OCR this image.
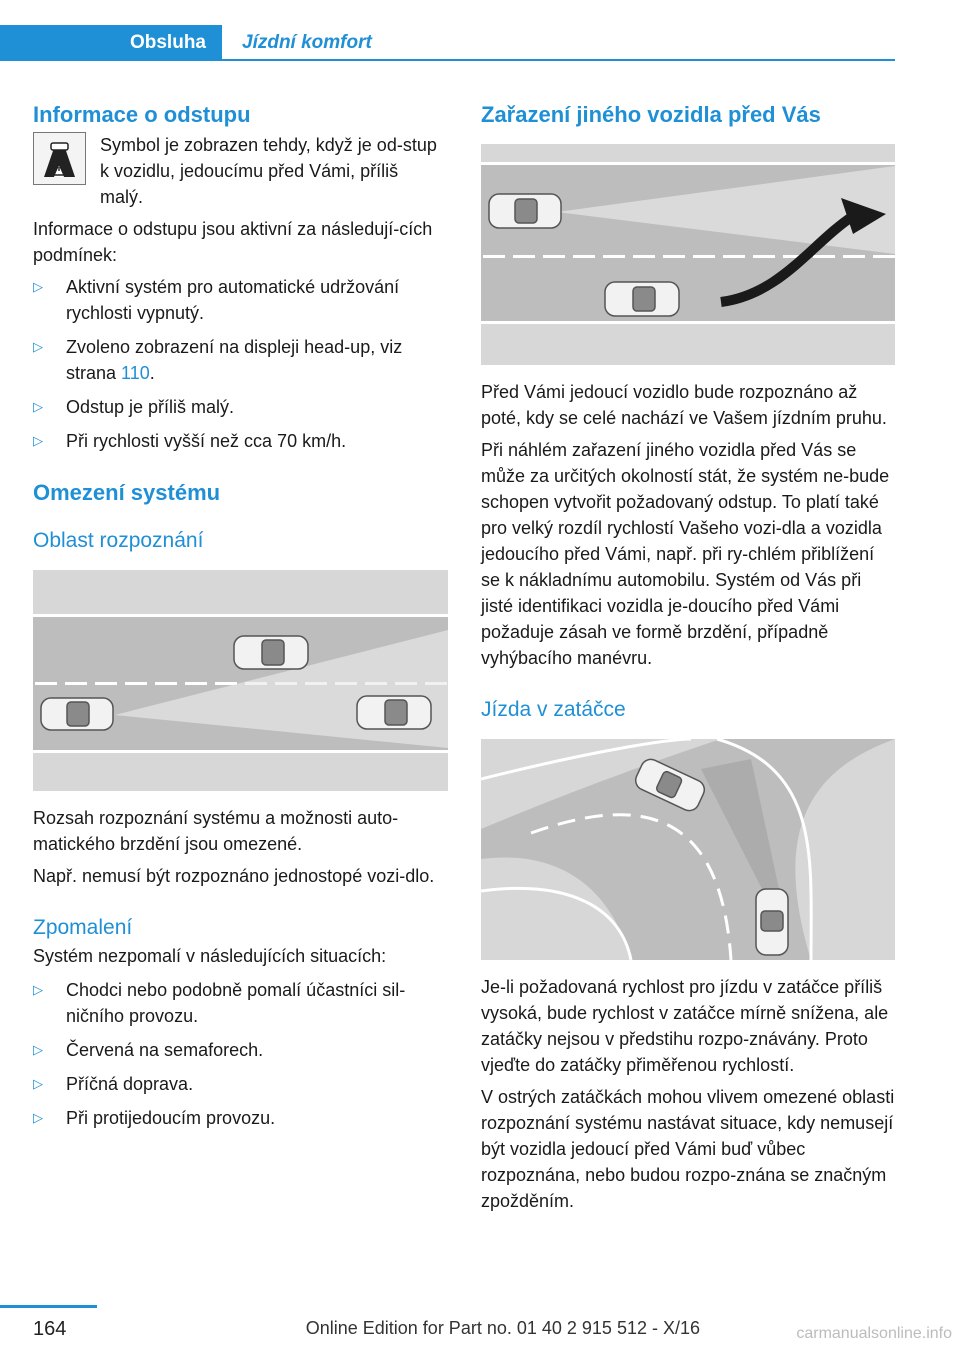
Obsluha	Jízdní komfort
Informace o odstupu

Symbol je zobrazen tehdy, když je od-stup k vozidlu, jedoucímu před Vámi, příliš malý.

Informace o odstupu jsou aktivní za následují-cích podmínek:

▷ Aktivní systém pro automatické udržování rychlosti vypnutý.
▷ Zvoleno zobrazení na displeji head-up, viz strana 110.
▷ Odstup je příliš malý.
▷ Při rychlosti vyšší než cca 70 km/h.
Omezení systému
Oblast rozpoznání

Rozsah rozpoznání systému a možnosti auto-matického brzdění jsou omezené.

Např. nemusí být rozpoznáno jednostopé vozi-dlo.

Zpomalení

Systém nezpomalí v následujících situacích:

▷ Chodci nebo podobně pomalí účastníci sil-ničního provozu.
▷ Červená na semaforech.
▷ Příčná doprava.
▷ Při protijedoucím provozu.
Zařazení jiného vozidla před Vás

Před Vámi jedoucí vozidlo bude rozpoznáno až poté, kdy se celé nachází ve Vašem jízdním pruhu.

Při náhlém zařazení jiného vozidla před Vás se může za určitých okolností stát, že systém ne-bude schopen vytvořit požadovaný odstup. To platí také pro velký rozdíl rychlostí Vašeho vozi-dla a vozidla jedoucího před Vámi, např. při ry-chlém přiblížení se k nákladnímu automobilu. Systém od Vás při jisté identifikaci vozidla je-doucího před Vámi požaduje zásah ve formě brzdění, případně vyhýbacího manévru.

Jízda v zatáčce

Je-li požadovaná rychlost pro jízdu v zatáčce příliš vysoká, bude rychlost v zatáčce mírně snížena, ale zatáčky nejsou v předstihu rozpo-znávány. Proto vjeďte do zatáčky přiměřenou rychlostí.

V ostrých zatáčkách mohou vlivem omezené oblasti rozpoznání systému nastávat situace, kdy nemusejí být vozidla jedoucí před Vámi buď vůbec rozpoznána, nebo budou rozpo-znána se značným zpožděním.

164	Online Edition for Part no. 01 40 2 915 512 - X/16	carmanualsonline.info
